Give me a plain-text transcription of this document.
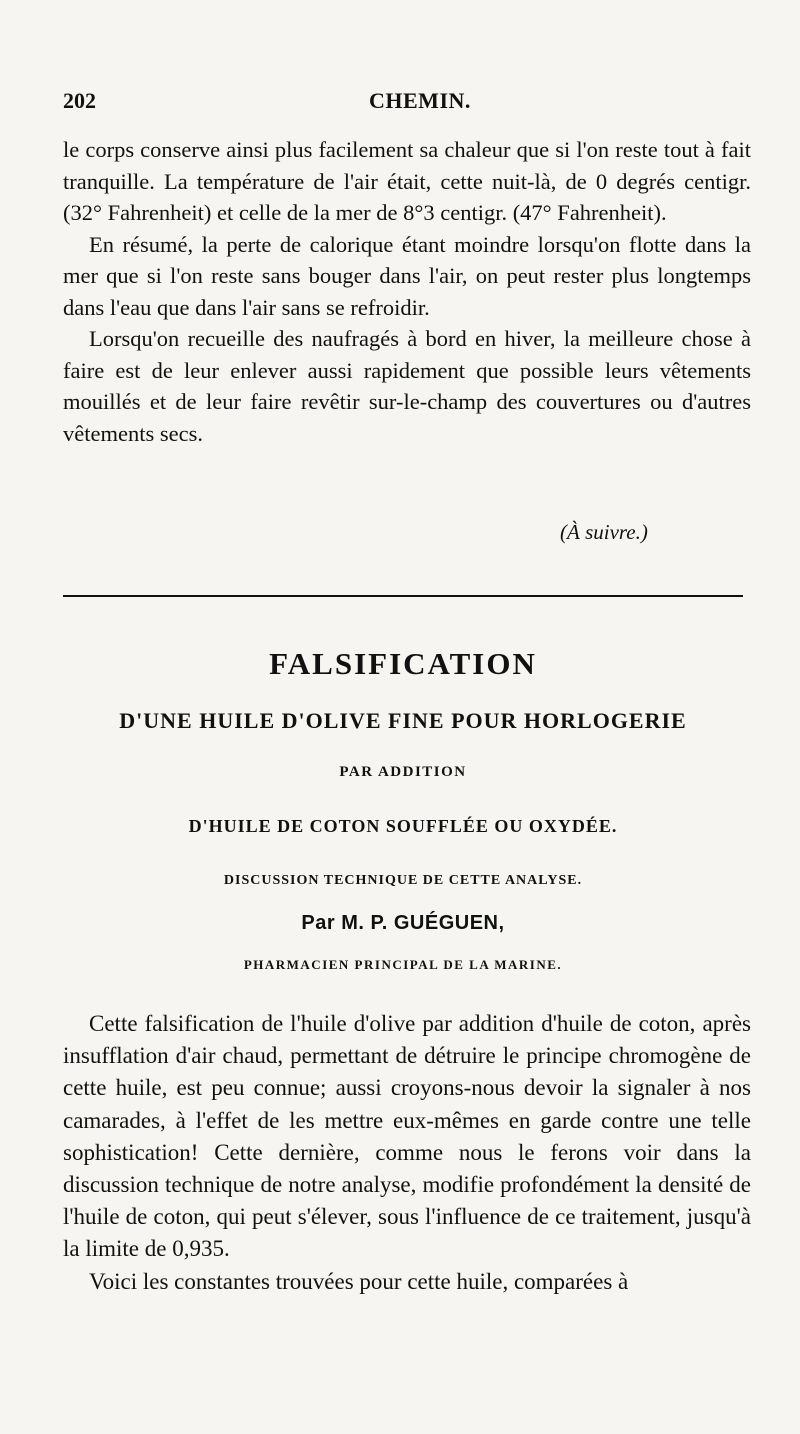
202	CHEMIN.

le corps conserve ainsi plus facilement sa chaleur que si l'on reste tout à fait tranquille. La température de l'air était, cette nuit-là, de 0 degrés centigr. (32° Fahrenheit) et celle de la mer de 8°3 centigr. (47° Fahrenheit).

En résumé, la perte de calorique étant moindre lorsqu'on flotte dans la mer que si l'on reste sans bouger dans l'air, on peut rester plus longtemps dans l'eau que dans l'air sans se refroidir.

Lorsqu'on recueille des naufragés à bord en hiver, la meilleure chose à faire est de leur enlever aussi rapidement que possible leurs vêtements mouillés et de leur faire revêtir sur-le-champ des couvertures ou d'autres vêtements secs.

(À suivre.)
FALSIFICATION
D'UNE HUILE D'OLIVE FINE POUR HORLOGERIE
PAR ADDITION
D'HUILE DE COTON SOUFFLÉE OU OXYDÉE.
DISCUSSION TECHNIQUE DE CETTE ANALYSE.
Par M. P. GUÉGUEN,
PHARMACIEN PRINCIPAL DE LA MARINE.

Cette falsification de l'huile d'olive par addition d'huile de coton, après insufflation d'air chaud, permettant de détruire le principe chromogène de cette huile, est peu connue; aussi croyons-nous devoir la signaler à nos camarades, à l'effet de les mettre eux-mêmes en garde contre une telle sophistication! Cette dernière, comme nous le ferons voir dans la discussion technique de notre analyse, modifie profondément la densité de l'huile de coton, qui peut s'élever, sous l'influence de ce traitement, jusqu'à la limite de 0,935.

Voici les constantes trouvées pour cette huile, comparées à
